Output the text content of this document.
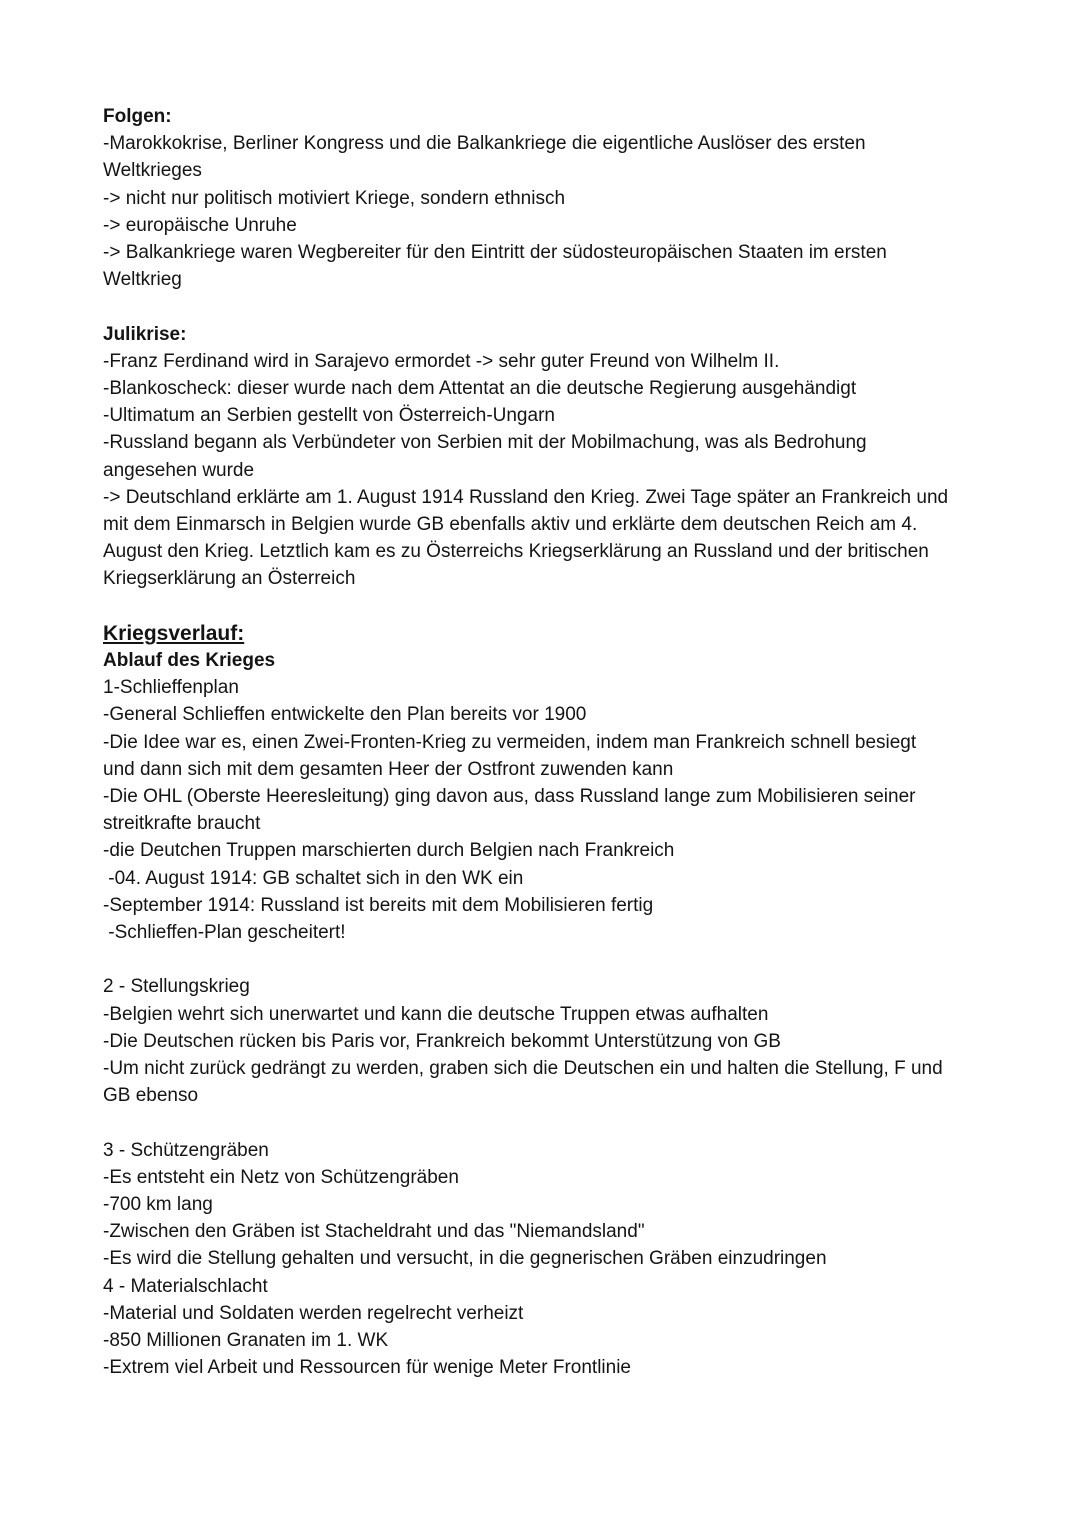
Folgen:
-Marokkokrise, Berliner Kongress und die Balkankriege die eigentliche Auslöser des ersten
Weltkrieges
-> nicht nur politisch motiviert Kriege, sondern ethnisch
-> europäische Unruhe
-> Balkankriege waren Wegbereiter für den Eintritt der südosteuropäischen Staaten im ersten
Weltkrieg
Julikrise:
-Franz Ferdinand wird in Sarajevo ermordet -> sehr guter Freund von Wilhelm II.
-Blankoscheck: dieser wurde nach dem Attentat an die deutsche Regierung ausgehändigt
-Ultimatum an Serbien gestellt von Österreich-Ungarn
-Russland begann als Verbündeter von Serbien mit der Mobilmachung, was als Bedrohung
angesehen wurde
-> Deutschland erklärte am 1. August 1914 Russland den Krieg. Zwei Tage später an Frankreich und
mit dem Einmarsch in Belgien wurde GB ebenfalls aktiv und erklärte dem deutschen Reich am 4.
August den Krieg. Letztlich kam es zu Österreichs Kriegserklärung an Russland und der britischen
Kriegserklärung an Österreich
Kriegsverlauf:
Ablauf des Krieges
1-Schlieffenplan
-General Schlieffen entwickelte den Plan bereits vor 1900
-Die Idee war es, einen Zwei-Fronten-Krieg zu vermeiden, indem man Frankreich schnell besiegt
und dann sich mit dem gesamten Heer der Ostfront zuwenden kann
-Die OHL (Oberste Heeresleitung) ging davon aus, dass Russland lange zum Mobilisieren seiner
streitkrafte braucht
-die Deutchen Truppen marschierten durch Belgien nach Frankreich
-04. August 1914: GB schaltet sich in den WK ein
-September 1914: Russland ist bereits mit dem Mobilisieren fertig
-Schlieffen-Plan gescheitert!
2 - Stellungskrieg
-Belgien wehrt sich unerwartet und kann die deutsche Truppen etwas aufhalten
-Die Deutschen rücken bis Paris vor, Frankreich bekommt Unterstützung von GB
-Um nicht zurück gedrängt zu werden, graben sich die Deutschen ein und halten die Stellung, F und
GB ebenso
3 - Schützengräben
-Es entsteht ein Netz von Schützengräben
-700 km lang
-Zwischen den Gräben ist Stacheldraht und das "Niemandsland"
-Es wird die Stellung gehalten und versucht, in die gegnerischen Gräben einzudringen
4 - Materialschlacht
-Material und Soldaten werden regelrecht verheizt
-850 Millionen Granaten im 1. WK
-Extrem viel Arbeit und Ressourcen für wenige Meter Frontlinie
